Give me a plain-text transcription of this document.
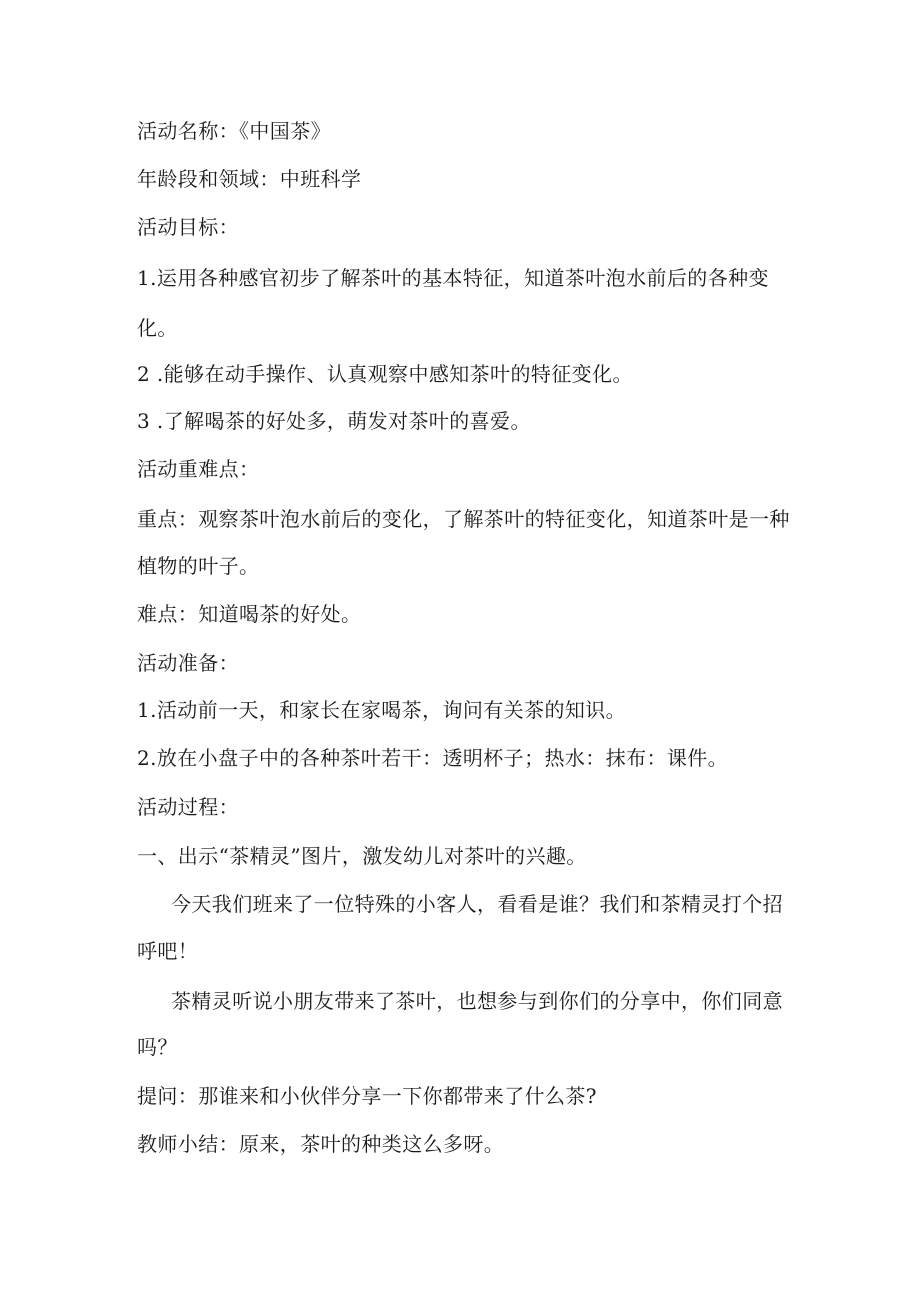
活动名称：《中国茶》
年龄段和领域：中班科学
活动目标：
1.运用各种感官初步了解茶叶的基本特征，知道茶叶泡水前后的各种变
化。
2 .能够在动手操作、认真观察中感知茶叶的特征变化。
3 .了解喝茶的好处多，萌发对茶叶的喜爱。
活动重难点：
重点：观察茶叶泡水前后的变化，了解茶叶的特征变化，知道茶叶是一种
植物的叶子。
难点：知道喝茶的好处。
活动准备：
1.活动前一天，和家长在家喝茶，询问有关茶的知识。
2.放在小盘子中的各种茶叶若干：透明杯子；热水：抹布：课件。
活动过程：
一、出示“茶精灵”图片，激发幼儿对茶叶的兴趣。
今天我们班来了一位特殊的小客人，看看是谁？我们和茶精灵打个招
呼吧！
茶精灵听说小朋友带来了茶叶，也想参与到你们的分享中，你们同意
吗？
提问：那谁来和小伙伴分享一下你都带来了什么茶?
教师小结：原来，茶叶的种类这么多呀。
